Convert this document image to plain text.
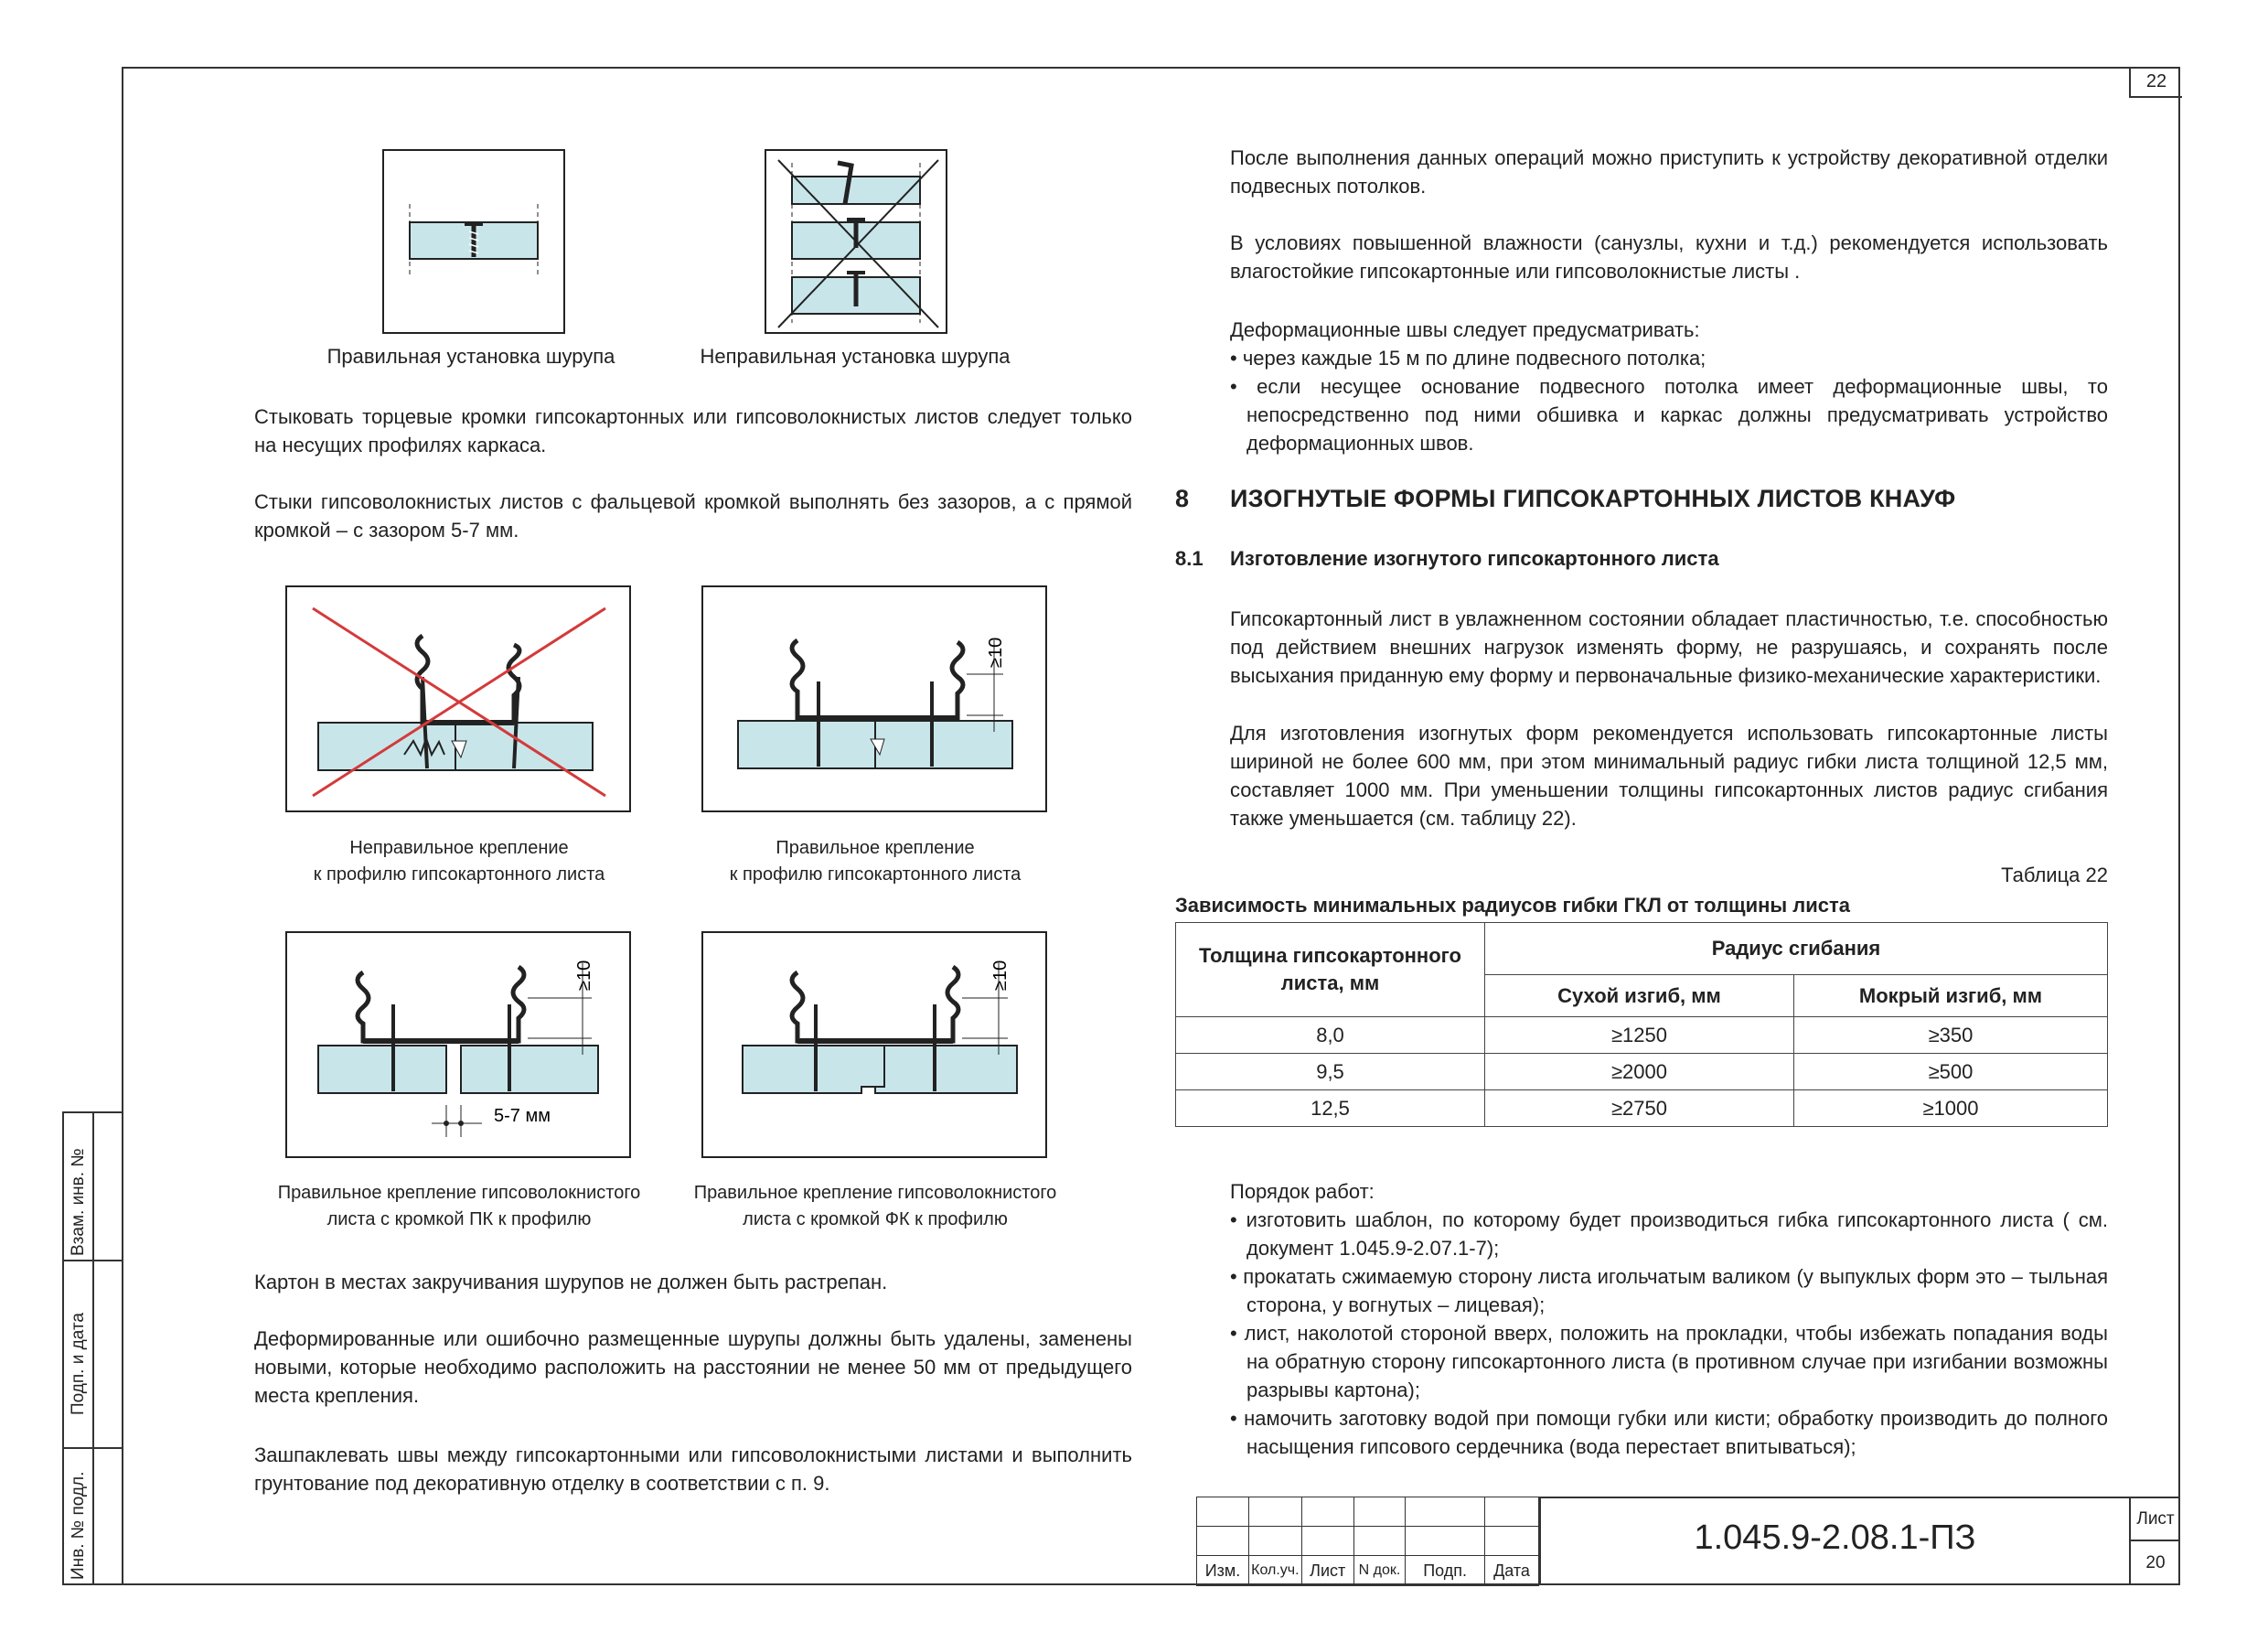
22
Взам. инв. №
Подп. и дата
Инв. № подл.
Правильная установка шурупа	Неправильная установка шурупа

Стыковать торцевые кромки гипсокартонных или гипсоволокнистых листов следует только на несущих профилях каркаса.

Стыки гипсоволокнистых листов с фальцевой кромкой выполнять без зазоров, а с прямой кромкой – с зазором 5-7 мм.

≥10
Неправильное крепление
к профилю гипсокартонного листа
Правильное крепление
к профилю гипсокартонного листа
5-7 мм
≥10	≥10
Правильное крепление гипсоволокнистого
листа с кромкой ПК к профилю
Правильное крепление гипсоволокнистого
листа с кромкой ФК к профилю

Картон в местах закручивания шурупов не должен быть растрепан.

Деформированные или ошибочно размещенные шурупы должны быть удалены, заменены новыми, которые необходимо расположить на расстоянии не менее 50 мм от предыдущего места крепления.

Зашпаклевать швы между гипсокартонными или гипсоволокнистыми листами и выполнить грунтование под декоративную отделку в соответствии с п. 9.

После выполнения данных операций можно приступить к устройству декоративной отделки подвесных потолков.

В условиях повышенной влажности (санузлы, кухни и т.д.) рекомендуется использовать влагостойкие гипсокартонные или гипсоволокнистые листы .

Деформационные швы следует предусматривать:

• через каждые 15 м по длине подвесного потолка;
• если несущее основание подвесного потолка имеет деформационные швы, то непосредственно под ними обшивка и каркас должны предусматривать устройство деформационных швов.
8 ИЗОГНУТЫЕ ФОРМЫ ГИПСОКАРТОННЫХ ЛИСТОВ КНАУФ
8.1 Изготовление изогнутого гипсокартонного листа

Гипсокартонный лист в увлажненном состоянии обладает пластичностью, т.е. способностью под действием внешних нагрузок изменять форму, не разрушаясь, и сохранять после высыхания приданную ему форму и первоначальные физико-механические характеристики.

Для изготовления изогнутых форм рекомендуется использовать гипсокартонные листы шириной не более 600 мм, при этом минимальный радиус гибки листа толщиной 12,5 мм, составляет 1000 мм. При уменьшении толщины гипсокартонных листов радиус сгибания также уменьшается (см. таблицу 22).

Таблица 22
Зависимость минимальных радиусов гибки ГКЛ от толщины листа
Толщина гипсокартонного листа, мм	Радиус сгибания	
	Сухой изгиб, мм	Мокрый изгиб, мм
8,0	≥1250	≥350
9,5	≥2000	≥500
12,5	≥2750	≥1000

Порядок работ:

• изготовить шаблон, по которому будет производиться гибка гипсокартонного листа ( см. документ 1.045.9-2.07.1-7);
• прокатать сжимаемую сторону листа игольчатым валиком (у выпуклых форм это – тыльная сторона, у вогнутых – лицевая);
• лист, наколотой стороной вверх, положить на прокладки, чтобы избежать попадания воды на обратную сторону гипсокартонного листа (в противном случае при изгибании возможны разрывы картона);
• намочить заготовку водой при помощи губки или кисти; обработку производить до полного насыщения гипсового сердечника (вода перестает впитываться);

Изм.	Кол.уч.	Лист	N док.	Подп.	Дата
1.045.9-2.08.1-ПЗ	Лист
20
